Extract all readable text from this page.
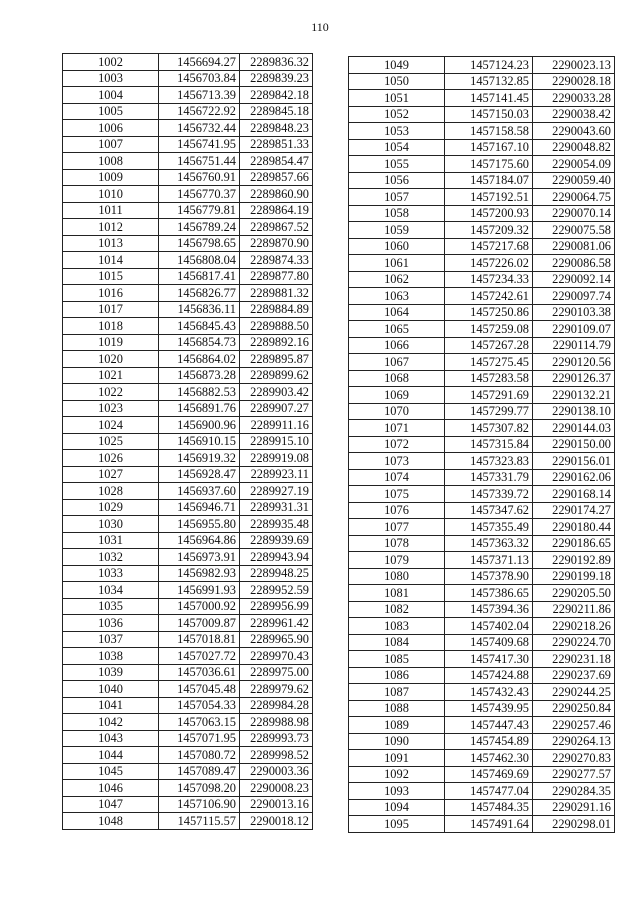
110
1002	1456694.27	2289836.32
1003	1456703.84	2289839.23
1004	1456713.39	2289842.18
1005	1456722.92	2289845.18
1006	1456732.44	2289848.23
1007	1456741.95	2289851.33
1008	1456751.44	2289854.47
1009	1456760.91	2289857.66
1010	1456770.37	2289860.90
1011	1456779.81	2289864.19
1012	1456789.24	2289867.52
1013	1456798.65	2289870.90
1014	1456808.04	2289874.33
1015	1456817.41	2289877.80
1016	1456826.77	2289881.32
1017	1456836.11	2289884.89
1018	1456845.43	2289888.50
1019	1456854.73	2289892.16
1020	1456864.02	2289895.87
1021	1456873.28	2289899.62
1022	1456882.53	2289903.42
1023	1456891.76	2289907.27
1024	1456900.96	2289911.16
1025	1456910.15	2289915.10
1026	1456919.32	2289919.08
1027	1456928.47	2289923.11
1028	1456937.60	2289927.19
1029	1456946.71	2289931.31
1030	1456955.80	2289935.48
1031	1456964.86	2289939.69
1032	1456973.91	2289943.94
1033	1456982.93	2289948.25
1034	1456991.93	2289952.59
1035	1457000.92	2289956.99
1036	1457009.87	2289961.42
1037	1457018.81	2289965.90
1038	1457027.72	2289970.43
1039	1457036.61	2289975.00
1040	1457045.48	2289979.62
1041	1457054.33	2289984.28
1042	1457063.15	2289988.98
1043	1457071.95	2289993.73
1044	1457080.72	2289998.52
1045	1457089.47	2290003.36
1046	1457098.20	2290008.23
1047	1457106.90	2290013.16
1048	1457115.57	2290018.12
1049	1457124.23	2290023.13
1050	1457132.85	2290028.18
1051	1457141.45	2290033.28
1052	1457150.03	2290038.42
1053	1457158.58	2290043.60
1054	1457167.10	2290048.82
1055	1457175.60	2290054.09
1056	1457184.07	2290059.40
1057	1457192.51	2290064.75
1058	1457200.93	2290070.14
1059	1457209.32	2290075.58
1060	1457217.68	2290081.06
1061	1457226.02	2290086.58
1062	1457234.33	2290092.14
1063	1457242.61	2290097.74
1064	1457250.86	2290103.38
1065	1457259.08	2290109.07
1066	1457267.28	2290114.79
1067	1457275.45	2290120.56
1068	1457283.58	2290126.37
1069	1457291.69	2290132.21
1070	1457299.77	2290138.10
1071	1457307.82	2290144.03
1072	1457315.84	2290150.00
1073	1457323.83	2290156.01
1074	1457331.79	2290162.06
1075	1457339.72	2290168.14
1076	1457347.62	2290174.27
1077	1457355.49	2290180.44
1078	1457363.32	2290186.65
1079	1457371.13	2290192.89
1080	1457378.90	2290199.18
1081	1457386.65	2290205.50
1082	1457394.36	2290211.86
1083	1457402.04	2290218.26
1084	1457409.68	2290224.70
1085	1457417.30	2290231.18
1086	1457424.88	2290237.69
1087	1457432.43	2290244.25
1088	1457439.95	2290250.84
1089	1457447.43	2290257.46
1090	1457454.89	2290264.13
1091	1457462.30	2290270.83
1092	1457469.69	2290277.57
1093	1457477.04	2290284.35
1094	1457484.35	2290291.16
1095	1457491.64	2290298.01
